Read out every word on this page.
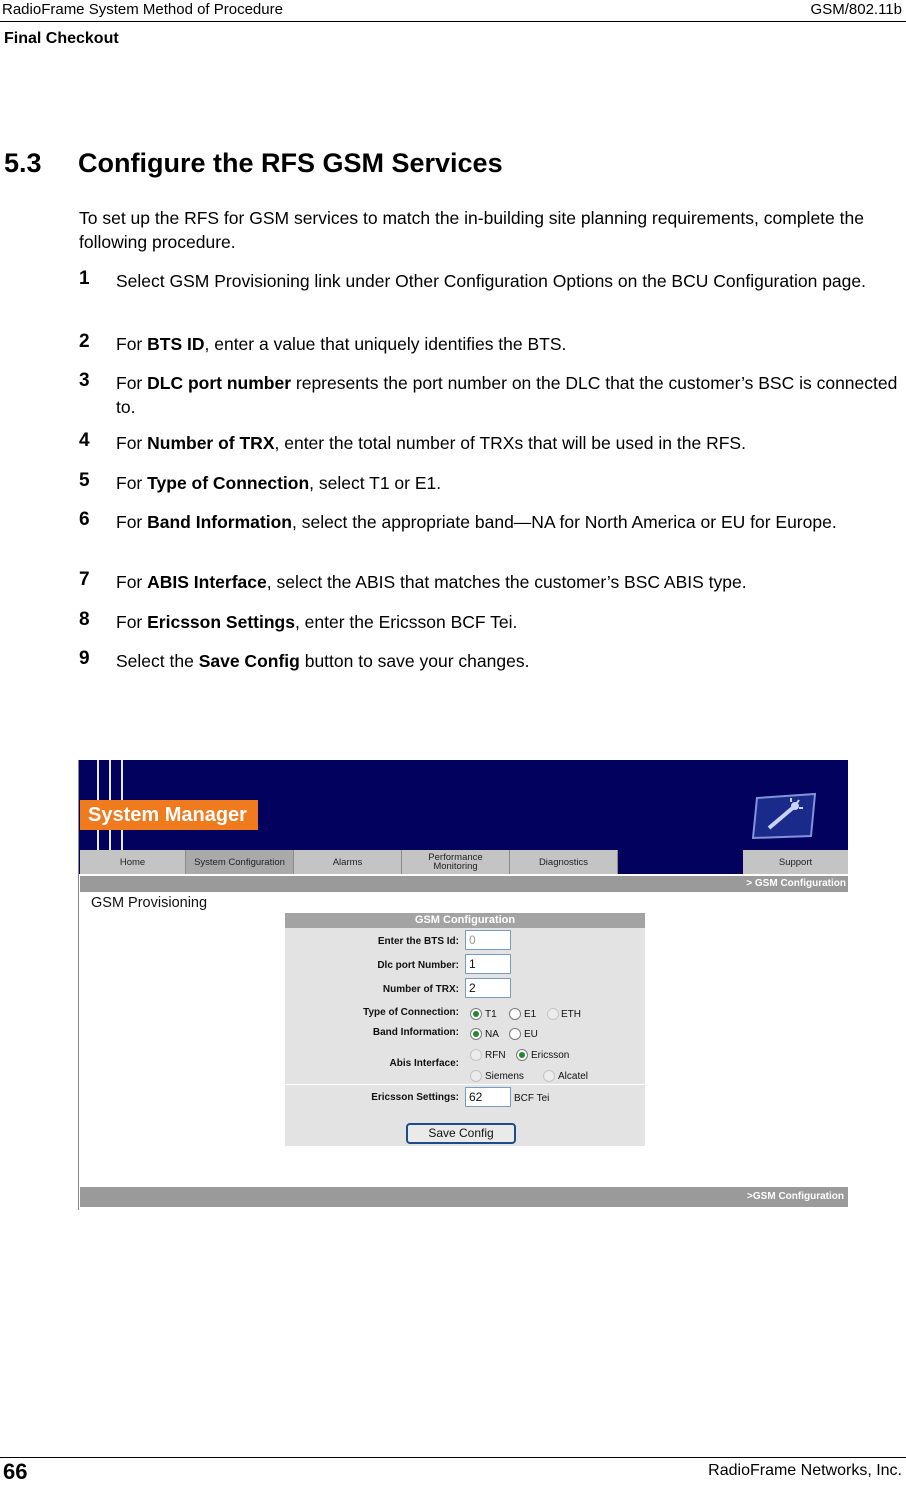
RadioFrame System Method of Procedure	GSM/802.11b
Final Checkout
5.3 Configure the RFS GSM Services
To set up the RFS for GSM services to match the in-building site planning requirements, complete the following procedure.
1 Select GSM Provisioning link under Other Configuration Options on the BCU Configuration page.
2 For BTS ID, enter a value that uniquely identifies the BTS.
3 For DLC port number represents the port number on the DLC that the customer’s BSC is connected to.
4 For Number of TRX, enter the total number of TRXs that will be used in the RFS.
5 For Type of Connection, select T1 or E1.
6 For Band Information, select the appropriate band—NA for North America or EU for Europe.
7 For ABIS Interface, select the ABIS that matches the customer’s BSC ABIS type.
8 For Ericsson Settings, enter the Ericsson BCF Tei.
9 Select the Save Config button to save your changes.
System Manager
Home	System Configuration	Alarms	Performance Monitoring	Diagnostics	Support
> GSM Configuration
GSM Provisioning
GSM Configuration
Enter the BTS Id: 0
Dlc port Number: 1
Number of TRX: 2
Type of Connection:	T1	E1 ETH
Band Information:	NA	EU
Abis Interface:
RFN	Ericsson
Siemens	Alcatel
Ericsson Settings: 62	BCF Tei
Save Config
>GSM Configuration
66	RadioFrame Networks, Inc.
